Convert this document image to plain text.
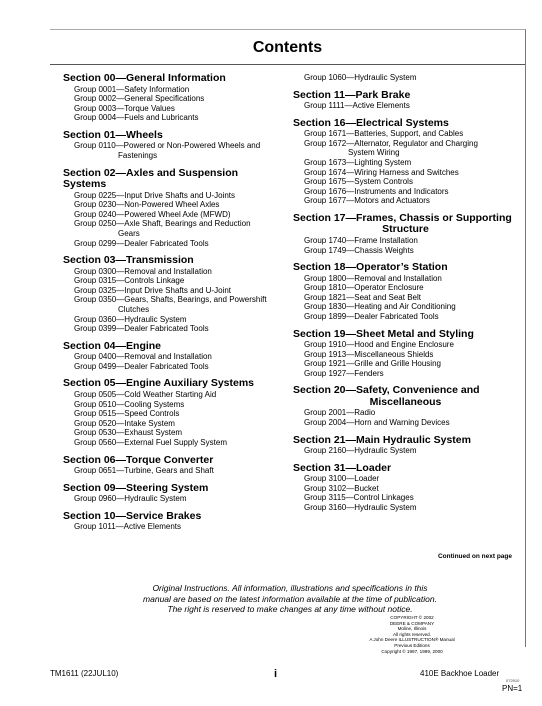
Contents
Section 00—General Information
Group 0001—Safety Information
Group 0002—General Specifications
Group 0003—Torque Values
Group 0004—Fuels and Lubricants
Section 01—Wheels
Group 0110—Powered or Non-Powered Wheels and
Fastenings
Section 02—Axles and Suspension Systems
Group 0225—Input Drive Shafts and U-Joints
Group 0230—Non-Powered Wheel Axles
Group 0240—Powered Wheel Axle (MFWD)
Group 0250—Axle Shaft, Bearings and Reduction
Gears
Group 0299—Dealer Fabricated Tools
Section 03—Transmission
Group 0300—Removal and Installation
Group 0315—Controls Linkage
Group 0325—Input Drive Shafts and U-Joint
Group 0350—Gears, Shafts, Bearings, and Powershift
Clutches
Group 0360—Hydraulic System
Group 0399—Dealer Fabricated Tools
Section 04—Engine
Group 0400—Removal and Installation
Group 0499—Dealer Fabricated Tools
Section 05—Engine Auxiliary Systems
Group 0505—Cold Weather Starting Aid
Group 0510—Cooling Systems
Group 0515—Speed Controls
Group 0520—Intake System
Group 0530—Exhaust System
Group 0560—External Fuel Supply System
Section 06—Torque Converter
Group 0651—Turbine, Gears and Shaft
Section 09—Steering System
Group 0960—Hydraulic System
Section 10—Service Brakes
Group 1011—Active Elements
Group 1060—Hydraulic System
Section 11—Park Brake
Group 1111—Active Elements
Section 16—Electrical Systems
Group 1671—Batteries, Support, and Cables
Group 1672—Alternator, Regulator and Charging
System Wiring
Group 1673—Lighting System
Group 1674—Wiring Harness and Switches
Group 1675—System Controls
Group 1676—Instruments and Indicators
Group 1677—Motors and Actuators
Section 17—Frames, Chassis or Supporting
Structure
Group 1740—Frame Installation
Group 1749—Chassis Weights
Section 18—Operator’s Station
Group 1800—Removal and Installation
Group 1810—Operator Enclosure
Group 1821—Seat and Seat Belt
Group 1830—Heating and Air Conditioning
Group 1899—Dealer Fabricated Tools
Section 19—Sheet Metal and Styling
Group 1910—Hood and Engine Enclosure
Group 1913—Miscellaneous Shields
Group 1921—Grille and Grille Housing
Group 1927—Fenders
Section 20—Safety, Convenience and
Miscellaneous
Group 2001—Radio
Group 2004—Horn and Warning Devices
Section 21—Main Hydraulic System
Group 2160—Hydraulic System
Section 31—Loader
Group 3100—Loader
Group 3102—Bucket
Group 3115—Control Linkages
Group 3160—Hydraulic System
Continued on next page
Original Instructions. All information, illustrations and specifications in this
manual are based on the latest information available at the time of publication.
The right is reserved to make changes at any time without notice.
COPYRIGHT © 2002
DEERE & COMPANY
Moline, Illinois
All rights reserved.
A John Deere ILLUSTRUCTION® Manual
Previous Editions
Copyright © 1997, 1999, 2000
TM1611 (22JUL10)	i	410E Backhoe Loader
072910
PN=1
